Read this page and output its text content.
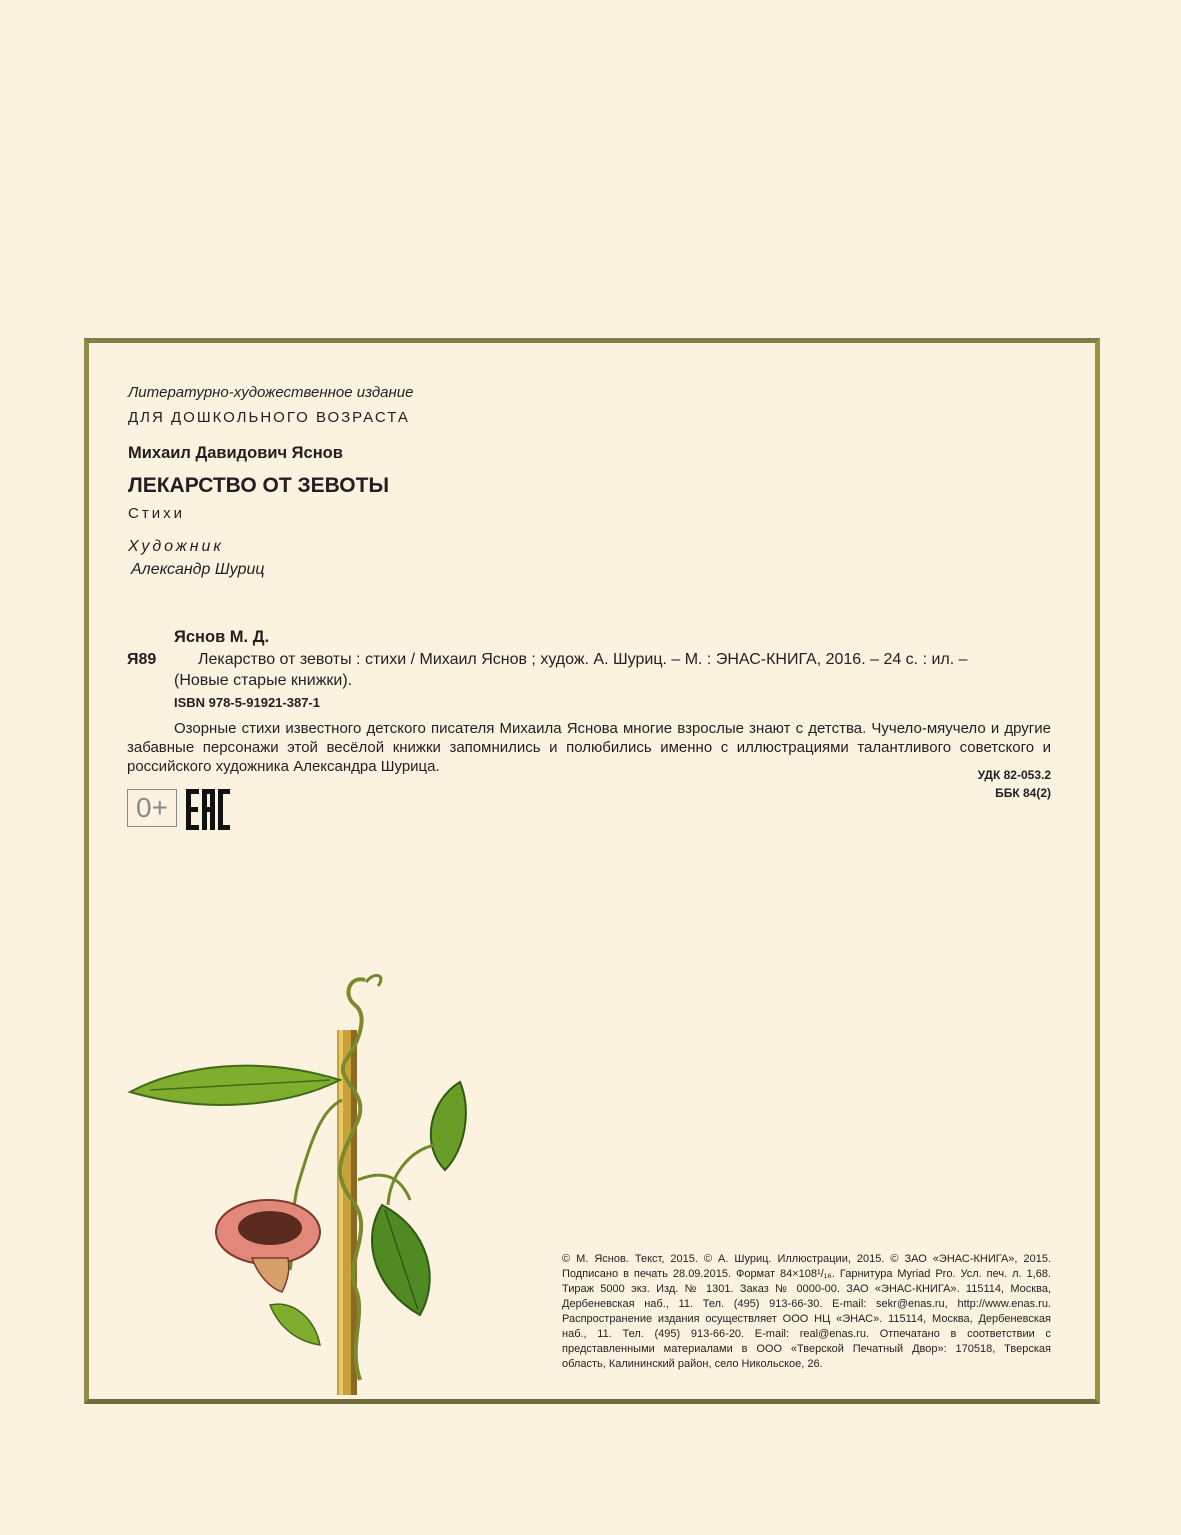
Литературно-художественное издание
ДЛЯ ДОШКОЛЬНОГО ВОЗРАСТА
Михаил Давидович Яснов
ЛЕКАРСТВО ОТ ЗЕВОТЫ
Стихи
Художник
Александр Шуриц
Яснов М. Д.
Я89	Лекарство от зевоты : стихи / Михаил Яснов ; худож. А. Шуриц. – М. : ЭНАС-КНИГА, 2016. – 24 с. : ил. –
(Новые старые книжки).
ISBN 978-5-91921-387-1
Озорные стихи известного детского писателя Михаила Яснова многие взрослые знают с детства. Чучело-мяучело и другие забавные персонажи этой весёлой книжки запомнились и полюбились именно с иллюстрациями талантливого советского и российского художника Александра Шурица.	УДК 82-053.2
ББК 84(2)
0+
© М. Яснов. Текст, 2015. © А. Шуриц. Иллюстрации, 2015. © ЗАО «ЭНАС-КНИГА», 2015. Подписано в печать 28.09.2015. Формат 84×108¹/₁₆. Гарнитура Myriad Pro. Усл. печ. л. 1,68. Тираж 5000 экз. Изд. № 1301. Заказ № 0000-00. ЗАО «ЭНАС-КНИГА». 115114, Москва, Дербеневская наб., 11. Тел. (495) 913-66-30. E-mail: sekr@enas.ru, http://www.enas.ru. Распространение издания осуществляет ООО НЦ «ЭНАС». 115114, Москва, Дербеневская наб., 11. Тел. (495) 913-66-20. E-mail: real@enas.ru. Отпечатано в соответствии с представленными материалами в ООО «Тверской Печатный Двор»: 170518, Тверская область, Калининский район, село Никольское, 26.
